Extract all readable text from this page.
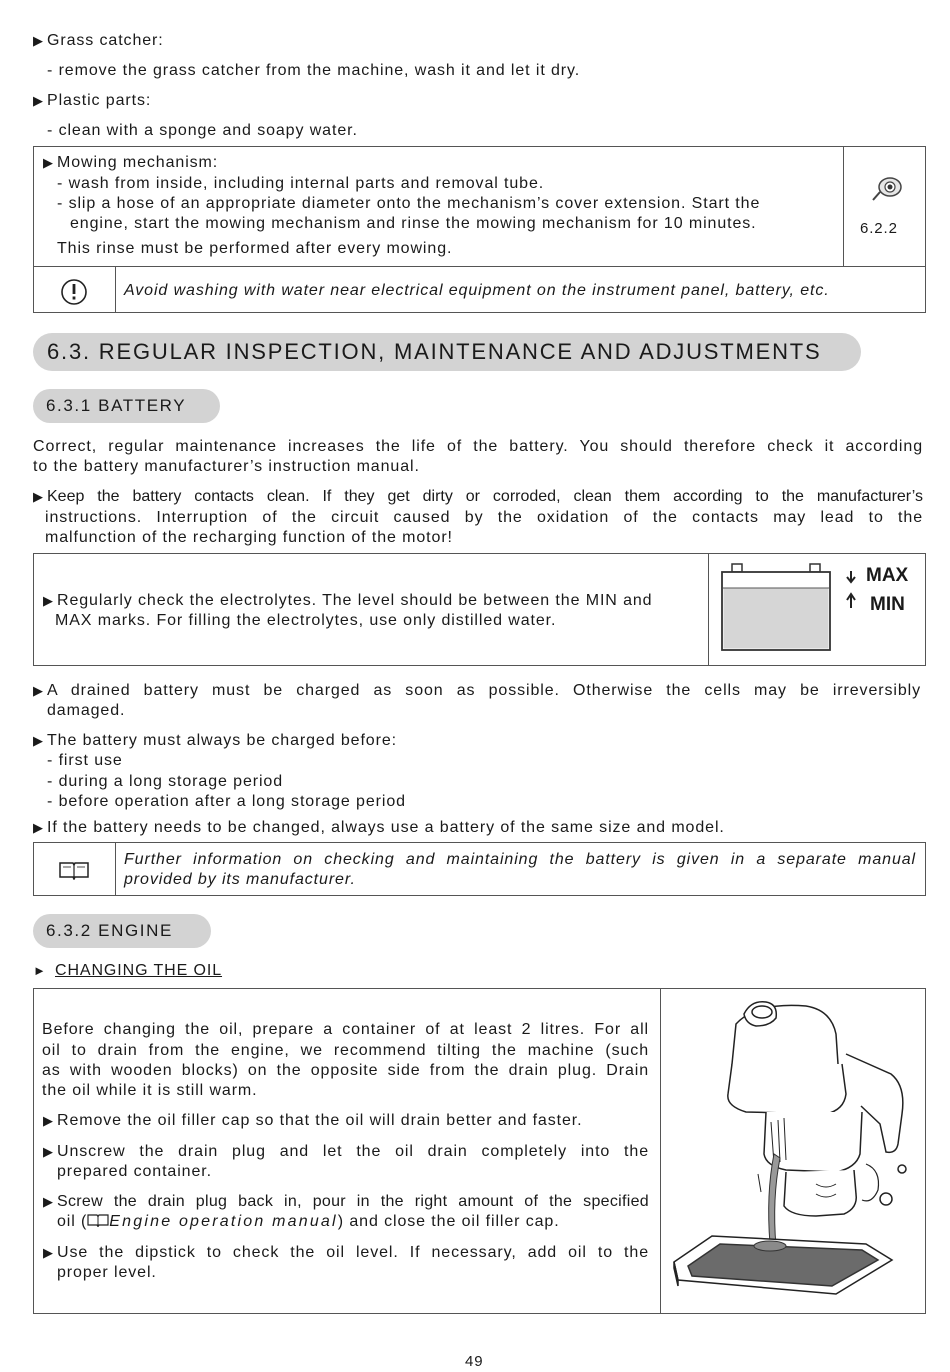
▶ Grass catcher:
- remove the grass catcher from the machine, wash it and let it dry.
▶ Plastic parts:
- clean with a sponge and soapy water.
▶ Mowing mechanism:
- wash from inside, including internal parts and removal tube.
- slip a hose of an appropriate diameter onto the mechanism’s cover extension. Start the
engine, start the mowing mechanism and rinse the mowing mechanism for 10 minutes.
This rinse must be performed after every mowing.
6.2.2
Avoid washing with water near electrical equipment on the instrument panel, battery, etc.
6.3. REGULAR INSPECTION, MAINTENANCE AND ADJUSTMENTS
6.3.1 BATTERY
Correct, regular maintenance increases the life of the battery. You should therefore check it according
to the battery manufacturer’s instruction manual.
▶ Keep the battery contacts clean. If they get dirty or corroded, clean them according to the manufacturer’s
instructions. Interruption of the circuit caused by the oxidation of the contacts may lead to the
malfunction of the recharging function of the motor!
▶ Regularly check the electrolytes. The level should be between the MIN and
MAX marks. For filling the electrolytes, use only distilled water.
MAX
MIN
▶ A drained battery must be charged as soon as possible. Otherwise the cells may be irreversibly
damaged.
▶ The battery must always be charged before:
- first use
- during a long storage period
- before operation after a long storage period
▶ If the battery needs to be changed, always use a battery of the same size and model.
Further information on checking and maintaining the battery is given in a separate manual
provided by its manufacturer.
6.3.2 ENGINE
► CHANGING THE OIL
Before changing the oil, prepare a container of at least 2 litres. For all
oil to drain from the engine, we recommend tilting the machine (such
as with wooden blocks) on the opposite side from the drain plug. Drain
the oil while it is still warm.
▶ Remove the oil filler cap so that the oil will drain better and faster.
▶ Unscrew the drain plug and let the oil drain completely into the
prepared container.
▶ Screw the drain plug back in, pour in the right amount of the specified
oil ( Engine operation manual) and close the oil filler cap.
▶ Use the dipstick to check the oil level. If necessary, add oil to the
proper level.
49
